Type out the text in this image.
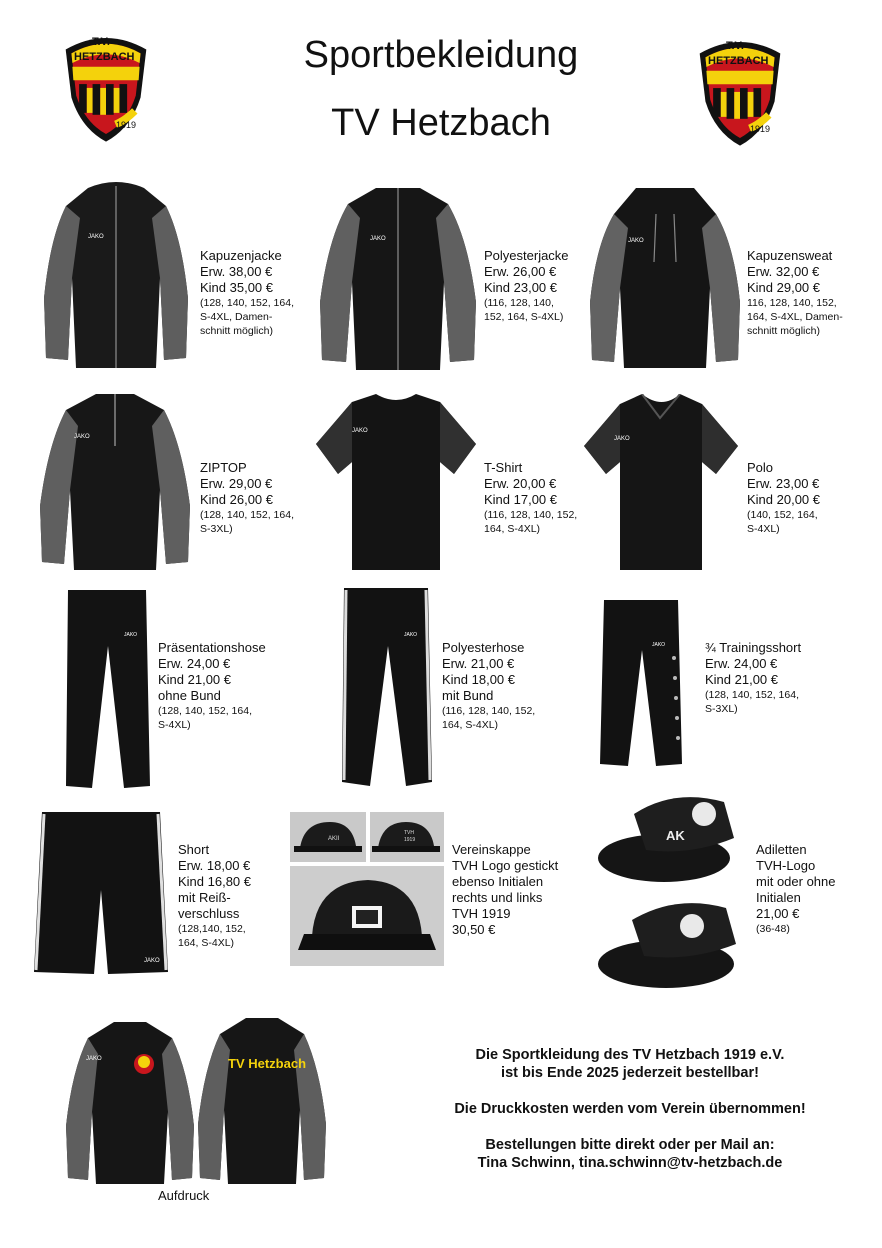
Sportbekleidung
TV Hetzbach
T.V.
HETZBACH
1919
T.V.
HETZBACH
1919
JAKO
Kapuzenjacke
Erw. 38,00 €
Kind 35,00 €
(128, 140, 152, 164,
S-4XL, Damen-
schnitt möglich)
JAKO
Polyesterjacke
Erw. 26,00 €
Kind 23,00 €
(116, 128, 140,
152, 164, S-4XL)
JAKO
Kapuzensweat
Erw. 32,00 €
Kind 29,00 €
116, 128, 140, 152,
164, S-4XL, Damen-
schnitt möglich)
JAKO
ZIPTOP
Erw. 29,00 €
Kind 26,00 €
(128, 140, 152, 164,
S-3XL)
JAKO
T-Shirt
Erw. 20,00 €
Kind 17,00 €
(116, 128, 140, 152,
164, S-4XL)
JAKO
Polo
Erw. 23,00 €
Kind 20,00 €
(140, 152, 164,
S-4XL)
JAKO
Präsentationshose
Erw. 24,00 €
Kind 21,00 €
ohne Bund
(128, 140, 152, 164,
S-4XL)
JAKO
Polyesterhose
Erw. 21,00 €
Kind 18,00 €
mit Bund
(116, 128, 140, 152,
164, S-4XL)
JAKO	¾ Trainingsshort
Erw. 24,00 €
Kind 21,00 €
(128, 140, 152, 164,
S-3XL)
JAKO
Short
Erw. 18,00 €
Kind 16,80 €
mit Reiß-
verschluss
(128,140, 152,
164, S-4XL)
AKII
TVH
1919
Vereinskappe
TVH Logo gestickt
ebenso Initialen
rechts und links
TVH 1919
30,50 €
AK
Adiletten
TVH-Logo
mit oder ohne
Initialen
21,00 €
(36-48)
JAKO	TV Hetzbach
Aufdruck
Die Sportkleidung des TV Hetzbach 1919 e.V.
ist bis Ende 2025 jederzeit bestellbar!
Die Druckkosten werden vom Verein übernommen!
Bestellungen bitte direkt oder per Mail an:
Tina Schwinn, tina.schwinn@tv-hetzbach.de
